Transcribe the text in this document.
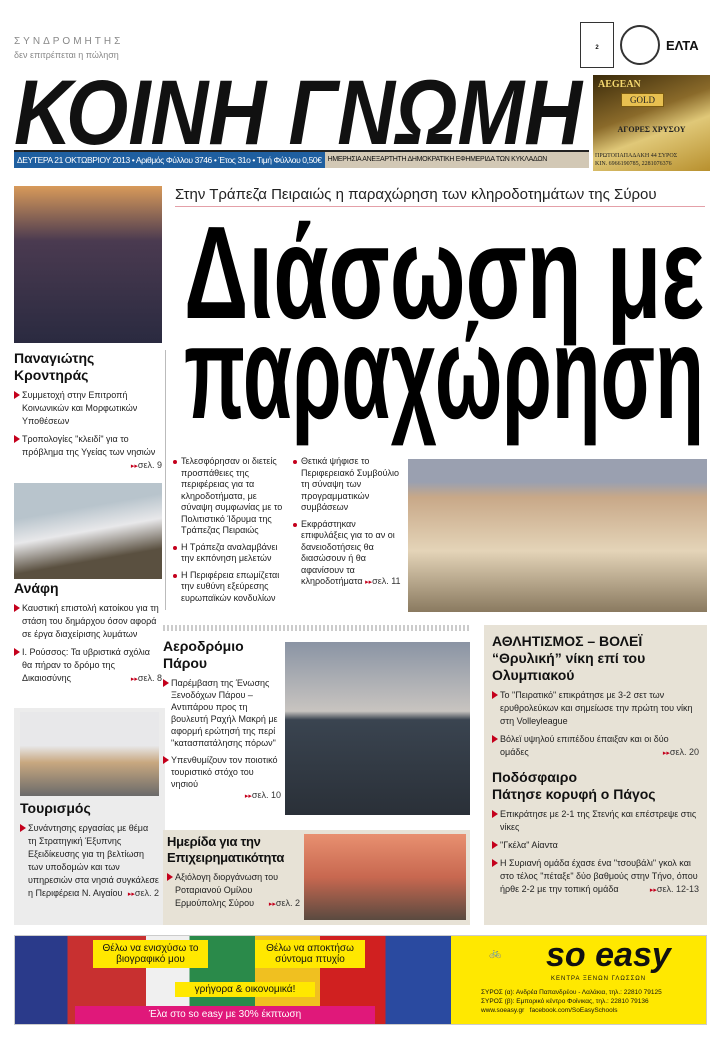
ΣΥΝΔΡΟΜΗΤΗΣ
δεν επιτρέπεται η πώληση

2	ΕΛΤΑ
ΚΟΙΝΗ ΓΝΩΜΗ
ΔΕΥΤΕΡΑ 21 ΟΚΤΩΒΡΙΟΥ 2013 • Αριθμός Φύλλου 3746 • Έτος 31ο • Τιμή Φύλλου 0,50€ ΗΜΕΡΗΣΙΑ ΑΝΕΞΑΡΤΗΤΗ ΔΗΜΟΚΡΑΤΙΚΗ ΕΦΗΜΕΡΙΔΑ ΤΩΝ ΚΥΚΛΑΔΩΝ
AEGEAN
GOLD
ΑΓΟΡΕΣ ΧΡΥΣΟΥ
ΠΡΩΤΟΠΑΠΑΔΑΚΗ 44 ΣΥΡΟΣ
ΚΙΝ. 6966190785, 2281076376
Παναγιώτης Κροντηράς
Συμμετοχή στην Επιτροπή Κοινωνικών και Μορφωτικών Υποθέσεων
Τροπολογίες "κλειδί" για το πρόβλημα της Υγείας των νησιών
▸▸ σελ. 9
Ανάφη
Καυστική επιστολή κατοίκου για τη στάση του δημάρχου όσον αφορά σε έργα διαχείρισης λυμάτων
Ι. Ρούσσος: Τα υβριστικά σχόλια θα πήραν το δρόμο της Δικαιοσύνης	▸▸ σελ. 8
Τουρισμός
Συνάντησης εργασίας με θέμα τη Στρατηγική Έξυπνης Εξειδίκευσης για τη βελτίωση των υποδομών και των υπηρεσιών στα νησιά συγκάλεσε η Περιφέρεια Ν. Αιγαίου	▸▸ σελ. 2
Στην Τράπεζα Πειραιώς η παραχώρηση των κληροδοτημάτων της Σύρου
Διάσωση με
παραχώρηση
Τελεσφόρησαν οι διετείς προσπάθειες της περιφέρειας για τα κληροδοτήματα, με σύναψη συμφωνίας με το Πολιτιστικό Ίδρυμα της Τράπεζας Πειραιώς
Η Τράπεζα αναλαμβάνει την εκπόνηση μελετών
Η Περιφέρεια επωμίζεται την ευθύνη εξεύρεσης ευρωπαϊκών κονδυλίων
Θετικά ψήφισε το Περιφερειακό Συμβούλιο τη σύναψη των προγραμματικών συμβάσεων
Εκφράστηκαν επιφυλάξεις για το αν οι δανειοδοτήσεις θα διασώσουν ή θα αφανίσουν τα κληροδοτήματα ▸▸ σελ. 11
Αεροδρόμιο Πάρου
Παρέμβαση της Ένωσης Ξενοδόχων Πάρου – Αντιπάρου προς τη βουλευτή Ραχήλ Μακρή με αφορμή ερώτησή της περί "κατασπατάλησης πόρων"
Υπενθυμίζουν τον ποιοτικό τουριστικό στόχο του νησιού
▸▸ σελ. 10
Ημερίδα για την Επιχειρηματικότητα
Αξιόλογη διοργάνωση του Ροταριανού Ομίλου Ερμούπολης Σύρου	▸▸ σελ. 2
ΑΘΛΗΤΙΣΜΟΣ – ΒΟΛΕΪ
“Θρυλική” νίκη επί του Ολυμπιακού
Το "Πειρατικό" επικράτησε με 3-2 σετ των ερυθρολεύκων και σημείωσε την πρώτη του νίκη στη Volleyleague
Βόλεϊ υψηλού επιπέδου έπαιξαν και οι δύο ομάδες	▸▸ σελ. 20
Ποδόσφαιρο
Πάτησε κορυφή ο Πάγος
Επικράτησε με 2-1 της Στενής και επέστρεψε στις νίκες
"Γκέλα" Αίαντα
Η Συριανή ομάδα έχασε ένα "τσουβάλι" γκολ και στο τέλος "πέταξε" δύο βαθμούς στην Τήνο, όπου ήρθε 2-2 με την τοπική ομάδα	▸▸ σελ. 12-13
Θέλω να ενισχύσω το βιογραφικό μου
Θέλω να αποκτήσω σύντομα πτυχίο
γρήγορα & οικονομικά!
Έλα στο so easy με 30% έκπτωση
🚲 so easy
ΚΕΝΤΡΑ ΞΕΝΩΝ ΓΛΩΣΣΩΝ
ΣΥΡΟΣ (α): Ανδρέα Παπανδρέου - Λαλάκια, τηλ.: 22810 79125
ΣΥΡΟΣ (β): Εμπορικό κέντρο Φοίνικας, τηλ.: 22810 79136
www.soeasy.gr facebook.com/SoEasySchools
